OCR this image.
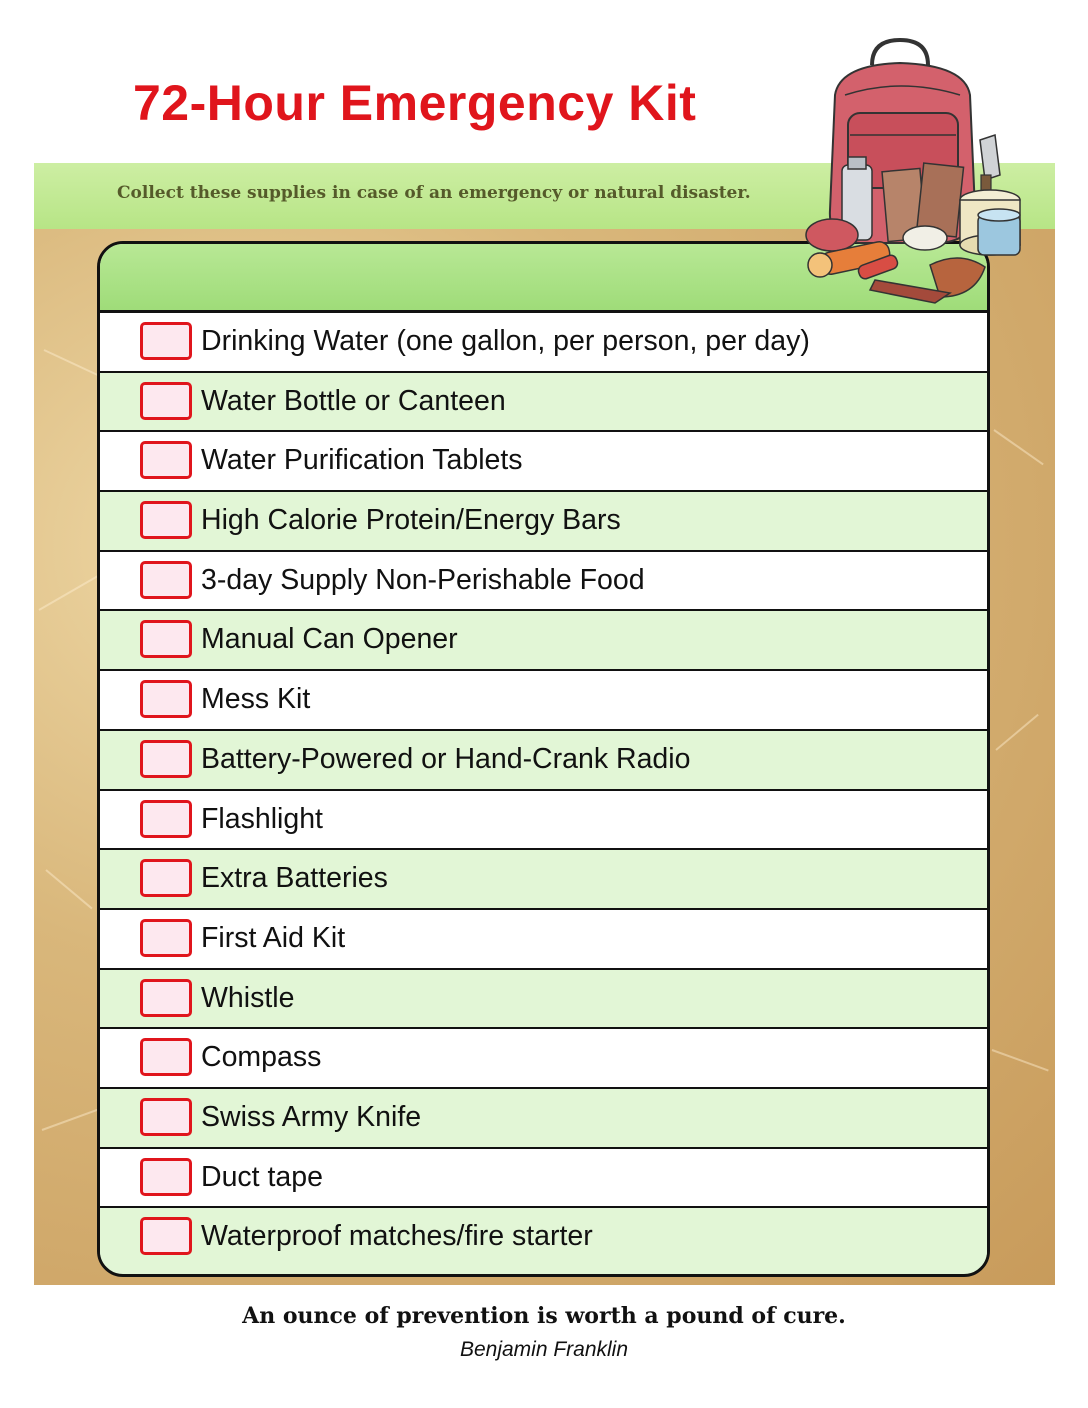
72-Hour Emergency Kit
Collect these supplies in case of an emergency or natural disaster.
Drinking Water (one gallon, per person, per day)
Water Bottle or Canteen
Water Purification Tablets
High Calorie Protein/Energy Bars
3-day Supply Non-Perishable Food
Manual Can Opener
Mess Kit
Battery-Powered or Hand-Crank Radio
Flashlight
Extra Batteries
First Aid Kit
Whistle
Compass
Swiss Army Knife
Duct tape
Waterproof matches/fire starter
An ounce of prevention is worth a pound of cure.
Benjamin Franklin
